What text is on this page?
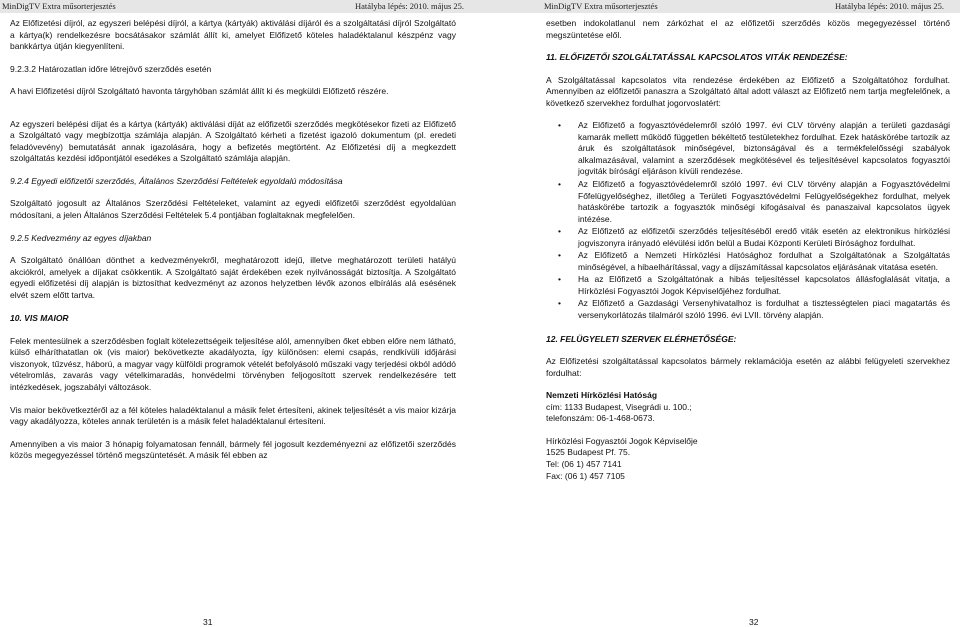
MinDigTV Extra műsorterjesztés	Hatályba lépés: 2010. május 25.	MinDigTV Extra műsorterjesztés	Hatályba lépés: 2010. május 25.

Az Előfizetési díjról, az egyszeri belépési díjról, a kártya (kártyák) aktiválási díjáról és a szolgáltatási díjról Szolgáltató a kártya(k) rendelkezésre bocsátásakor számlát állít ki, amelyet Előfizető köteles haladéktalanul készpénz vagy bankkártya útján kiegyenlíteni.

9.2.3.2 Határozatlan időre létrejövő szerződés esetén

A havi Előfizetési díjról Szolgáltató havonta tárgyhóban számlát állít ki és megküldi Előfizető részére.

Az egyszeri belépési díjat és a kártya (kártyák) aktiválási díját az előfizetői szerződés megkötésekor fizeti az Előfizető a Szolgáltató vagy megbízottja számlája alapján. A Szolgáltató kérheti a fizetést igazoló dokumentum (pl. eredeti feladóvevény) bemutatását annak igazolására, hogy a befizetés megtörtént. Az Előfizetési díj a megkezdett szolgáltatás kezdési időpontjától esedékes a Szolgáltató számlája alapján.

9.2.4 Egyedi előfizetői szerződés, Általános Szerződési Feltételek egyoldalú módosítása

Szolgáltató jogosult az Általános Szerződési Feltételeket, valamint az egyedi előfizetői szerződést egyoldalúan módosítani, a jelen Általános Szerződési Feltételek 5.4 pontjában foglaltaknak megfelelően.

9.2.5 Kedvezmény az egyes díjakban

A Szolgáltató önállóan dönthet a kedvezményekről, meghatározott idejű, illetve meghatározott területi hatályú akciókról, amelyek a díjakat csökkentik. A Szolgáltató saját érdekében ezek nyilvánosságát biztosítja. A Szolgáltató egyedi előfizetési díj alapján is biztosíthat kedvezményt az azonos helyzetben lévők azonos elbírálás alá esésének elvét szem előtt tartva.

10. VIS MAIOR

Felek mentesülnek a szerződésben foglalt kötelezettségeik teljesítése alól, amennyiben őket ebben előre nem látható, külső elháríthatatlan ok (vis maior) bekövetkezte akadályozta, így különösen: elemi csapás, rendkívüli időjárási viszonyok, tűzvész, háború, a magyar vagy külföldi programok vételét befolyásoló műszaki vagy terjedési okból adódó vételromlás, zavarás vagy vételkimaradás, honvédelmi törvényben feljogosított szervek rendelkezésére tett intézkedések, jogszabályi változások.

Vis maior bekövetkeztéről az a fél köteles haladéktalanul a másik felet értesíteni, akinek teljesítését a vis maior kizárja vagy akadályozza, köteles annak területén is a másik felet haladéktalanul értesíteni.

Amennyiben a vis maior 3 hónapig folyamatosan fennáll, bármely fél jogosult kezdeményezni az előfizetői szerződés közös megegyezéssel történő megszüntetését. A másik fél ebben az

31

esetben indokolatlanul nem zárkózhat el az előfizetői szerződés közös megegyezéssel történő megszüntetése elől.

11. ELŐFIZETŐI SZOLGÁLTATÁSSAL KAPCSOLATOS VITÁK RENDEZÉSE:

A Szolgáltatással kapcsolatos vita rendezése érdekében az Előfizető a Szolgáltatóhoz fordulhat. Amennyiben az előfizetői panaszra a Szolgáltató által adott választ az Előfizető nem tartja megfelelőnek, a következő szervekhez fordulhat jogorvoslatért:

• Az Előfizető a fogyasztóvédelemről szóló 1997. évi CLV törvény alapján a területi gazdasági kamarák mellett működő független békéltető testületekhez fordulhat. Ezek hatáskörébe tartozik az áruk és szolgáltatások minőségével, biztonságával és a termékfelelősségi szabályok alkalmazásával, valamint a szerződések megkötésével és teljesítésével kapcsolatos fogyasztói jogviták bíróságí eljáráson kívüli rendezése.
• Az Előfizető a fogyasztóvédelemről szóló 1997. évi CLV törvény alapján a Fogyasztóvédelmi Főfelügyelőséghez, illetőleg a Területi Fogyasztóvédelmi Felügyelőségekhez fordulhat, melyek hatáskörébe tartozik a fogyasztók minőségi kifogásaival és panaszaival kapcsolatos ügyek intézése.
• Az Előfizető az előfizetői szerződés teljesítéséből eredő viták esetén az elektronikus hírközlési jogviszonyra irányadó elévülési időn belül a Budai Központi Kerületi Bírósághoz fordulhat.
• Az Előfizető a Nemzeti Hírközlési Hatósághoz fordulhat a Szolgáltatónak a Szolgáltatás minőségével, a hibaelhárítással, vagy a díjszámítással kapcsolatos eljárásának vitatása esetén.
• Ha az Előfizető a Szolgáltatónak a hibás teljesítéssel kapcsolatos állásfoglalását vitatja, a Hírközlési Fogyasztói Jogok Képviselőjéhez fordulhat.
• Az Előfizető a Gazdasági Versenyhivatalhoz is fordulhat a tisztességtelen piaci magatartás és versenykorlátozás tilalmáról szóló 1996. évi LVII. törvény alapján.

12. FELÜGYELETI SZERVEK ELÉRHETŐSÉGE:

Az Előfizetési szolgáltatással kapcsolatos bármely reklamációja esetén az alábbi felügyeleti szervekhez fordulhat:

Nemzeti Hírközlési Hatóság

cím: 1133 Budapest, Visegrádi u. 100.;

telefonszám: 06-1-468-0673.

Hírközlési Fogyasztói Jogok Képviselője

1525 Budapest Pf. 75.

Tel: (06 1) 457 7141

Fax: (06 1) 457 7105

32
